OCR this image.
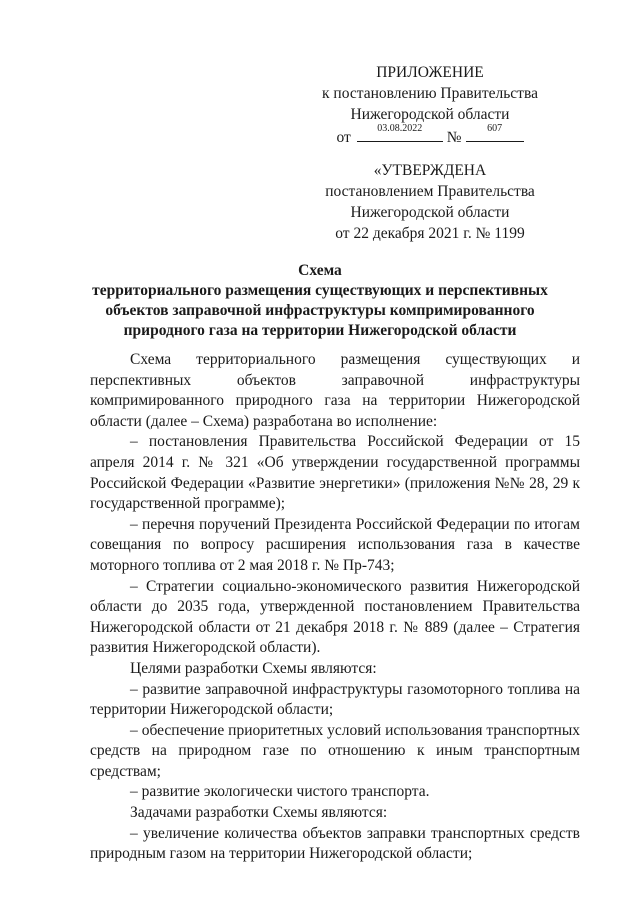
ПРИЛОЖЕНИЕ
к постановлению Правительства
Нижегородской области
от
03.08.2022
№
607
«УТВЕРЖДЕНА
постановлением Правительства
Нижегородской области
от 22 декабря 2021 г. № 1199
Схема
территориального размещения существующих и перспективных
объектов заправочной инфраструктуры компримированного
природного газа на территории Нижегородской области

Схема территориального размещения существующих и перспективных объектов заправочной инфраструктуры компримированного природного газа на территории Нижегородской области (далее – Схема) разработана во исполнение:

– постановления Правительства Российской Федерации от 15 апреля 2014 г. № 321 «Об утверждении государственной программы Российской Федерации «Развитие энергетики» (приложения №№ 28, 29 к государственной программе);

– перечня поручений Президента Российской Федерации по итогам совещания по вопросу расширения использования газа в качестве моторного топлива от 2 мая 2018 г. № Пр-743;

– Стратегии социально-экономического развития Нижегородской области до 2035 года, утвержденной постановлением Правительства Нижегородской области от 21 декабря 2018 г. № 889 (далее – Стратегия развития Нижегородской области).

Целями разработки Схемы являются:

– развитие заправочной инфраструктуры газомоторного топлива на территории Нижегородской области;

– обеспечение приоритетных условий использования транспортных средств на природном газе по отношению к иным транспортным средствам;

– развитие экологически чистого транспорта.

Задачами разработки Схемы являются:

– увеличение количества объектов заправки транспортных средств природным газом на территории Нижегородской области;
